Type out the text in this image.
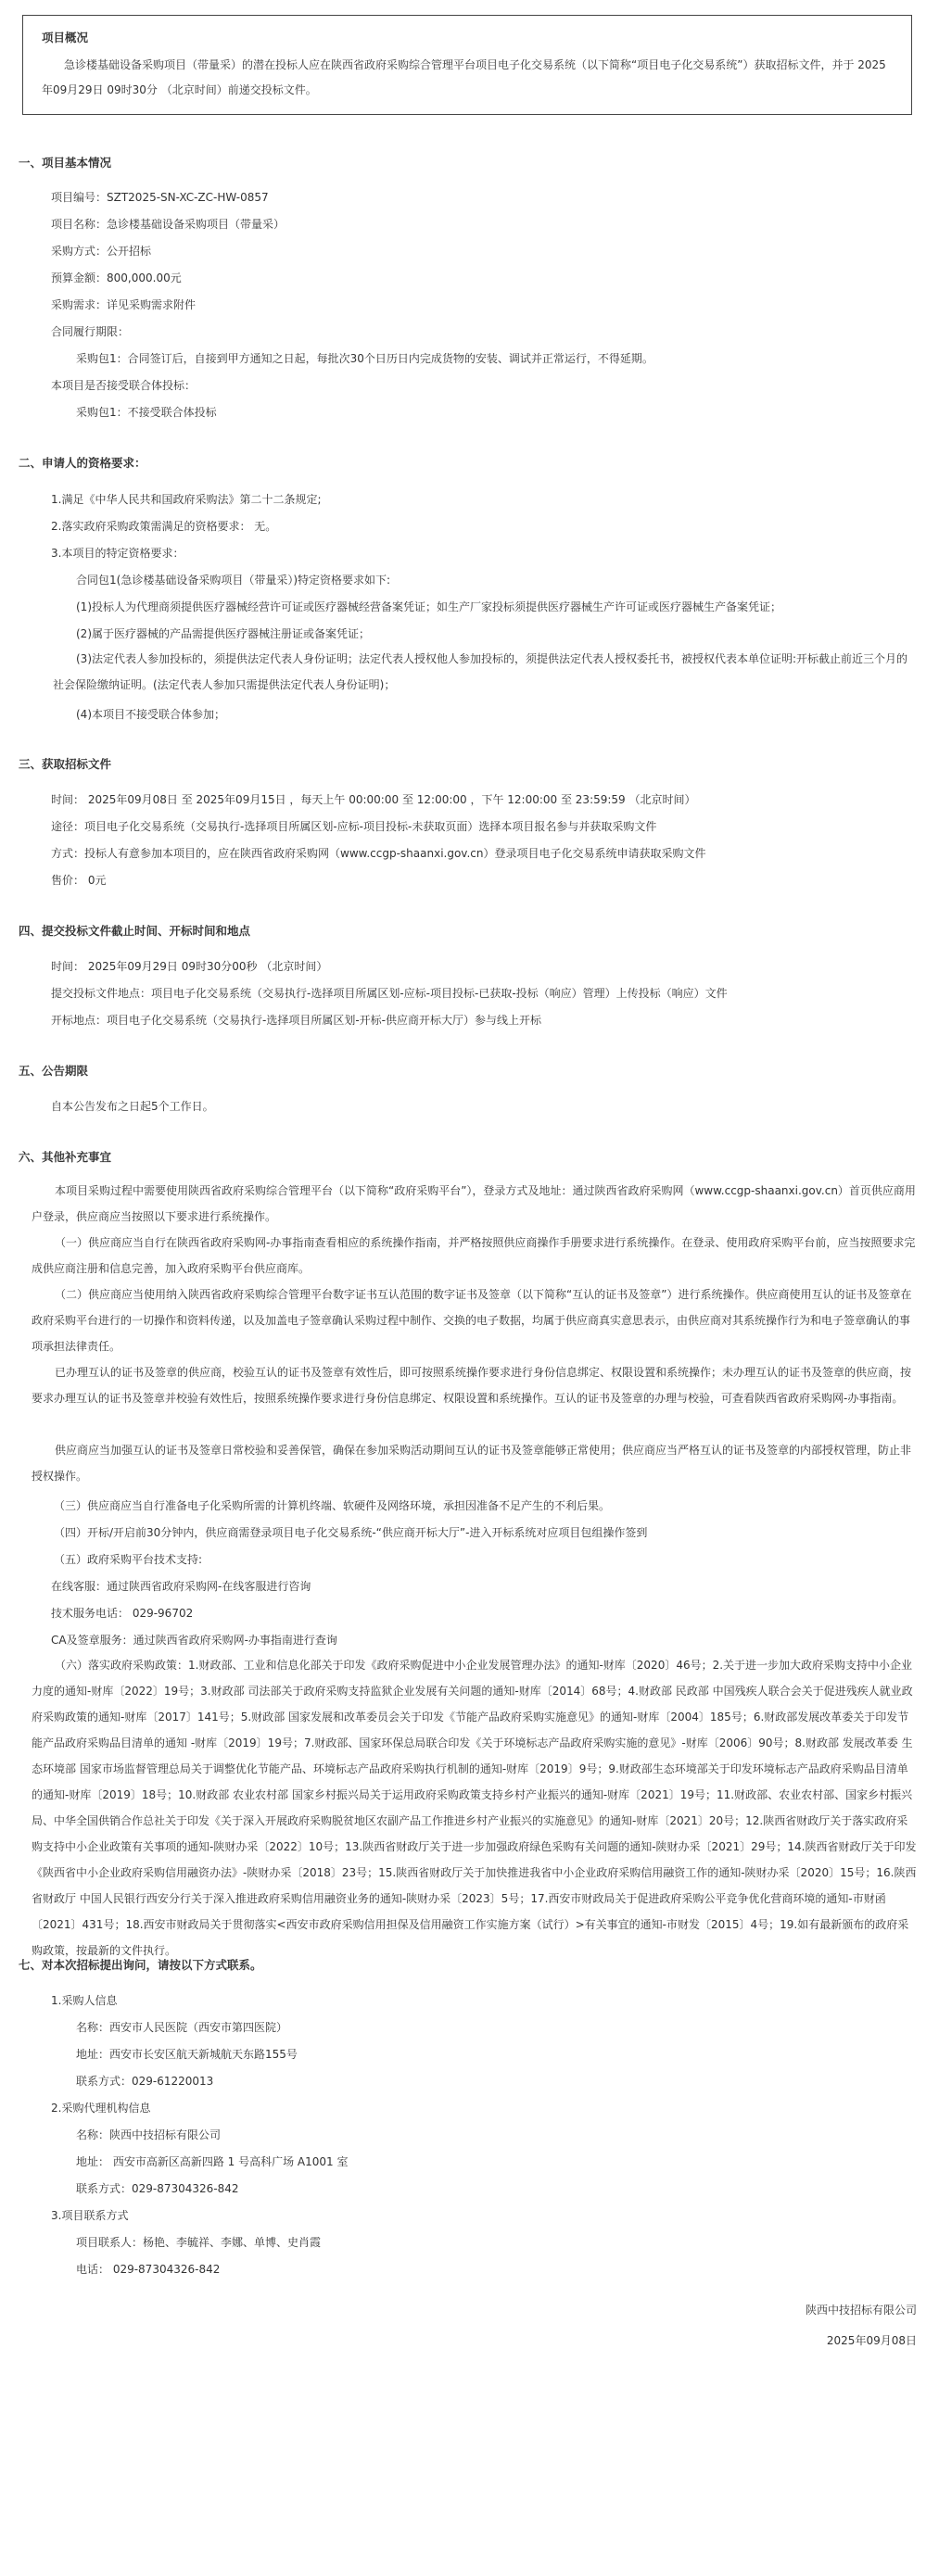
项目概况
急诊楼基础设备采购项目（带量采）的潜在投标人应在陕西省政府采购综合管理平台项目电子化交易系统（以下简称“项目电子化交易系统”）获取招标文件，并于 2025年09月29日 09时30分 （北京时间）前递交投标文件。
一、项目基本情况
项目编号：SZT2025-SN-XC-ZC-HW-0857
项目名称：急诊楼基础设备采购项目（带量采）
采购方式：公开招标
预算金额：800,000.00元
采购需求：详见采购需求附件
合同履行期限：
采购包1：合同签订后，自接到甲方通知之日起，每批次30个日历日内完成货物的安装、调试并正常运行，不得延期。
本项目是否接受联合体投标：
采购包1：不接受联合体投标
二、申请人的资格要求：
1.满足《中华人民共和国政府采购法》第二十二条规定;
2.落实政府采购政策需满足的资格要求： 无。
3.本项目的特定资格要求：
合同包1(急诊楼基础设备采购项目（带量采）)特定资格要求如下:
(1)投标人为代理商须提供医疗器械经营许可证或医疗器械经营备案凭证；如生产厂家投标须提供医疗器械生产许可证或医疗器械生产备案凭证；
(2)属于医疗器械的产品需提供医疗器械注册证或备案凭证；
(3)法定代表人参加投标的，须提供法定代表人身份证明；法定代表人授权他人参加投标的，须提供法定代表人授权委托书，被授权代表本单位证明:开标截止前近三个月的社会保险缴纳证明。(法定代表人参加只需提供法定代表人身份证明)；
(4)本项目不接受联合体参加；
三、获取招标文件
时间： 2025年09月08日 至 2025年09月15日 ，每天上午 00:00:00 至 12:00:00 ，下午 12:00:00 至 23:59:59 （北京时间）
途径：项目电子化交易系统（交易执行-选择项目所属区划-应标-项目投标-未获取页面）选择本项目报名参与并获取采购文件
方式：投标人有意参加本项目的，应在陕西省政府采购网（www.ccgp-shaanxi.gov.cn）登录项目电子化交易系统申请获取采购文件
售价： 0元
四、提交投标文件截止时间、开标时间和地点
时间： 2025年09月29日 09时30分00秒 （北京时间）
提交投标文件地点：项目电子化交易系统（交易执行-选择项目所属区划-应标-项目投标-已获取-投标（响应）管理）上传投标（响应）文件
开标地点：项目电子化交易系统（交易执行-选择项目所属区划-开标-供应商开标大厅）参与线上开标
五、公告期限
自本公告发布之日起5个工作日。
六、其他补充事宜
本项目采购过程中需要使用陕西省政府采购综合管理平台（以下简称“政府采购平台”），登录方式及地址：通过陕西省政府采购网（www.ccgp-shaanxi.gov.cn）首页供应商用户登录，供应商应当按照以下要求进行系统操作。
（一）供应商应当自行在陕西省政府采购网-办事指南查看相应的系统操作指南，并严格按照供应商操作手册要求进行系统操作。在登录、使用政府采购平台前，应当按照要求完成供应商注册和信息完善，加入政府采购平台供应商库。
（二）供应商应当使用纳入陕西省政府采购综合管理平台数字证书互认范围的数字证书及签章（以下简称“互认的证书及签章”）进行系统操作。供应商使用互认的证书及签章在政府采购平台进行的一切操作和资料传递，以及加盖电子签章确认采购过程中制作、交换的电子数据，均属于供应商真实意思表示，由供应商对其系统操作行为和电子签章确认的事项承担法律责任。
已办理互认的证书及签章的供应商，校验互认的证书及签章有效性后，即可按照系统操作要求进行身份信息绑定、权限设置和系统操作；未办理互认的证书及签章的供应商，按要求办理互认的证书及签章并校验有效性后，按照系统操作要求进行身份信息绑定、权限设置和系统操作。互认的证书及签章的办理与校验，可查看陕西省政府采购网-办事指南。
供应商应当加强互认的证书及签章日常校验和妥善保管，确保在参加采购活动期间互认的证书及签章能够正常使用；供应商应当严格互认的证书及签章的内部授权管理，防止非授权操作。
（三）供应商应当自行准备电子化采购所需的计算机终端、软硬件及网络环境，承担因准备不足产生的不利后果。
（四）开标/开启前30分钟内，供应商需登录项目电子化交易系统-“供应商开标大厅”-进入开标系统对应项目包组操作签到
（五）政府采购平台技术支持:
在线客服：通过陕西省政府采购网-在线客服进行咨询
技术服务电话： 029-96702
CA及签章服务：通过陕西省政府采购网-办事指南进行查询
（六）落实政府采购政策：1.财政部、工业和信息化部关于印发《政府采购促进中小企业发展管理办法》的通知-财库〔2020〕46号；2.关于进一步加大政府采购支持中小企业力度的通知-财库〔2022〕19号；3.财政部 司法部关于政府采购支持监狱企业发展有关问题的通知-财库〔2014〕68号；4.财政部 民政部 中国残疾人联合会关于促进残疾人就业政府采购政策的通知-财库〔2017〕141号；5.财政部 国家发展和改革委员会关于印发《节能产品政府采购实施意见》的通知-财库〔2004〕185号；6.财政部发展改革委关于印发节能产品政府采购品目清单的通知 -财库〔2019〕19号；7.财政部、国家环保总局联合印发《关于环境标志产品政府采购实施的意见》-财库〔2006〕90号；8.财政部 发展改革委 生态环境部 国家市场监督管理总局关于调整优化节能产品、环境标志产品政府采购执行机制的通知-财库〔2019〕9号；9.财政部生态环境部关于印发环境标志产品政府采购品目清单的通知-财库〔2019〕18号；10.财政部 农业农村部 国家乡村振兴局关于运用政府采购政策支持乡村产业振兴的通知-财库〔2021〕19号；11.财政部、农业农村部、国家乡村振兴局、中华全国供销合作总社关于印发《关于深入开展政府采购脱贫地区农副产品工作推进乡村产业振兴的实施意见》的通知-财库〔2021〕20号；12.陕西省财政厅关于落实政府采购支持中小企业政策有关事项的通知-陕财办采〔2022〕10号；13.陕西省财政厅关于进一步加强政府绿色采购有关问题的通知-陕财办采〔2021〕29号；14.陕西省财政厅关于印发《陕西省中小企业政府采购信用融资办法》-陕财办采〔2018〕23号；15.陕西省财政厅关于加快推进我省中小企业政府采购信用融资工作的通知-陕财办采〔2020〕15号；16.陕西省财政厅 中国人民银行西安分行关于深入推进政府采购信用融资业务的通知-陕财办采〔2023〕5号；17.西安市财政局关于促进政府采购公平竞争优化营商环境的通知-市财函〔2021〕431号；18.西安市财政局关于贯彻落实<西安市政府采购信用担保及信用融资工作实施方案（试行）>有关事宜的通知-市财发〔2015〕4号；19.如有最新颁布的政府采购政策，按最新的文件执行。
七、对本次招标提出询问，请按以下方式联系。
1.采购人信息
名称：西安市人民医院（西安市第四医院）
地址：西安市长安区航天新城航天东路155号
联系方式：029-61220013
2.采购代理机构信息
名称：陕西中技招标有限公司
地址： 西安市高新区高新四路 1 号高科广场 A1001 室
联系方式：029-87304326-842
3.项目联系方式
项目联系人：杨艳、李毓祥、李娜、单博、史肖霞
电话： 029-87304326-842
陕西中技招标有限公司
2025年09月08日
